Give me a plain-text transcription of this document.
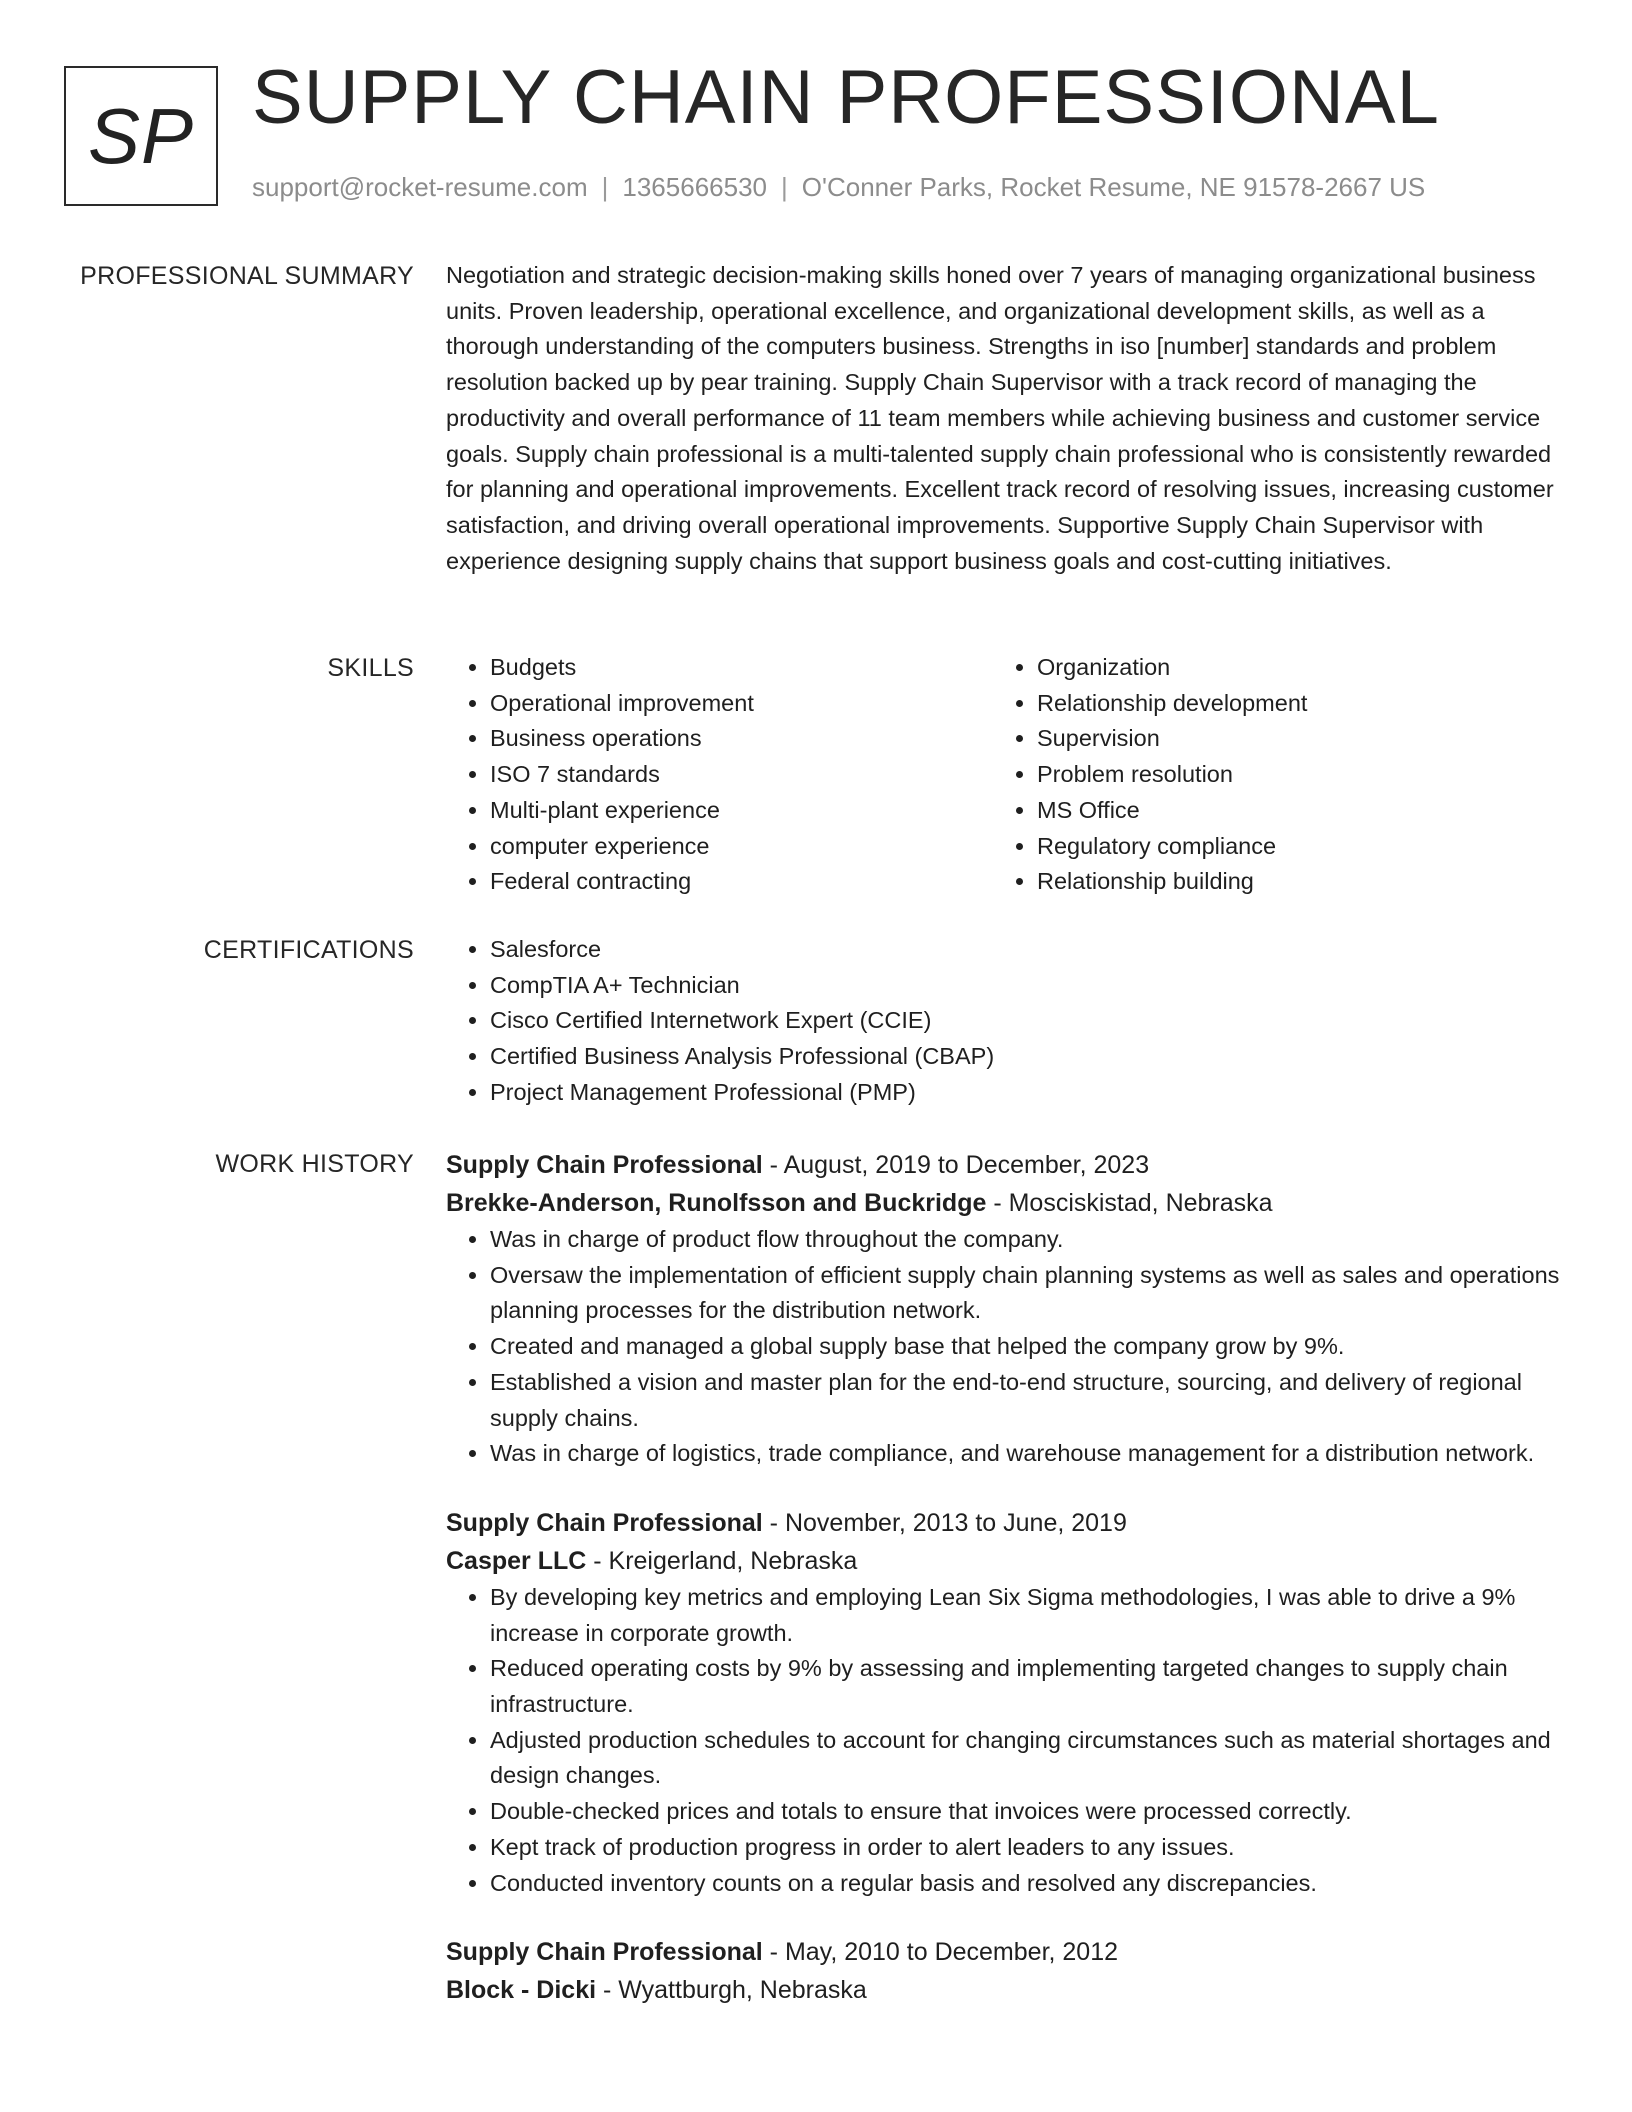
SP SUPPLY CHAIN PROFESSIONAL
support@rocket-resume.com | 1365666530 | O'Conner Parks, Rocket Resume, NE 91578-2667 US
PROFESSIONAL SUMMARY Negotiation and strategic decision-making skills honed over 7 years of managing organizational business units. Proven leadership, operational excellence, and organizational development skills, as well as a thorough understanding of the computers business. Strengths in iso [number] standards and problem resolution backed up by pear training. Supply Chain Supervisor with a track record of managing the productivity and overall performance of 11 team members while achieving business and customer service goals. Supply chain professional is a multi-talented supply chain professional who is consistently rewarded for planning and operational improvements. Excellent track record of resolving issues, increasing customer satisfaction, and driving overall operational improvements. Supportive Supply Chain Supervisor with experience designing supply chains that support business goals and cost-cutting initiatives.
SKILLS	• Budgets
• Operational improvement
• Business operations
• ISO 7 standards
• Multi-plant experience
• computer experience
• Federal contracting
• Organization
• Relationship development
• Supervision
• Problem resolution
• MS Office
• Regulatory compliance
• Relationship building
CERTIFICATIONS	• Salesforce
• CompTIA A+ Technician
• Cisco Certified Internetwork Expert (CCIE)
• Certified Business Analysis Professional (CBAP)
• Project Management Professional (PMP)
WORK HISTORY Supply Chain Professional - August, 2019 to December, 2023
Brekke-Anderson, Runolfsson and Buckridge - Mosciskistad, Nebraska
• Was in charge of product flow throughout the company.
• Oversaw the implementation of efficient supply chain planning systems as well as sales and operations planning processes for the distribution network.
• Created and managed a global supply base that helped the company grow by 9%.
• Established a vision and master plan for the end-to-end structure, sourcing, and delivery of regional supply chains.
• Was in charge of logistics, trade compliance, and warehouse management for a distribution network.
Supply Chain Professional - November, 2013 to June, 2019
Casper LLC - Kreigerland, Nebraska
• By developing key metrics and employing Lean Six Sigma methodologies, I was able to drive a 9% increase in corporate growth.
• Reduced operating costs by 9% by assessing and implementing targeted changes to supply chain infrastructure.
• Adjusted production schedules to account for changing circumstances such as material shortages and design changes.
• Double-checked prices and totals to ensure that invoices were processed correctly.
• Kept track of production progress in order to alert leaders to any issues.
• Conducted inventory counts on a regular basis and resolved any discrepancies.
Supply Chain Professional - May, 2010 to December, 2012
Block - Dicki - Wyattburgh, Nebraska
